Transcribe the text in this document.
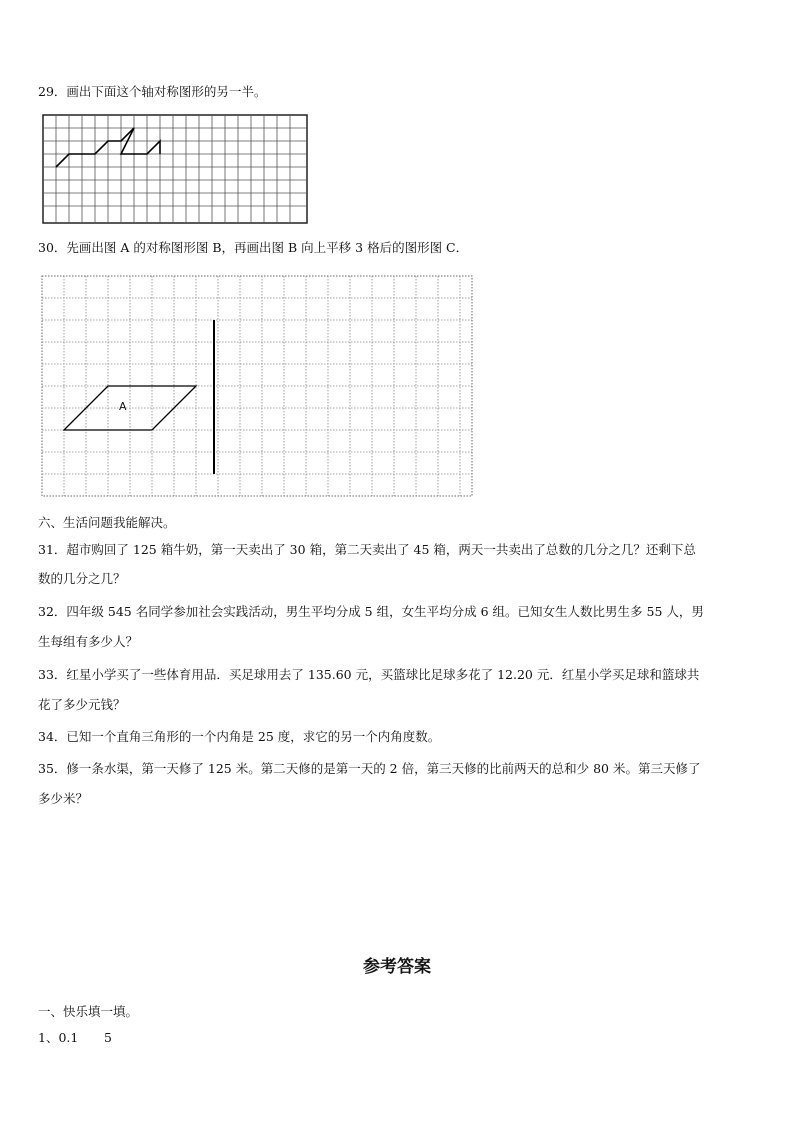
29．画出下面这个轴对称图形的另一半。
30．先画出图 A 的对称图形图 B，再画出图 B 向上平移 3 格后的图形图 C．
A
六、生活问题我能解决。
31．超市购回了 125 箱牛奶，第一天卖出了 30 箱，第二天卖出了 45 箱，两天一共卖出了总数的几分之几？还剩下总
数的几分之几？
32．四年级 545 名同学参加社会实践活动，男生平均分成 5 组，女生平均分成 6 组。已知女生人数比男生多 55 人，男
生每组有多少人？
33．红星小学买了一些体育用品．买足球用去了 135.60 元，买篮球比足球多花了 12.20 元．红星小学买足球和篮球共
花了多少元钱？
34．已知一个直角三角形的一个内角是 25 度，求它的另一个内角度数。
35．修一条水渠，第一天修了 125 米。第二天修的是第一天的 2 倍，第三天修的比前两天的总和少 80 米。第三天修了
多少米？
参考答案
一、快乐填一填。
1、0.1	5
